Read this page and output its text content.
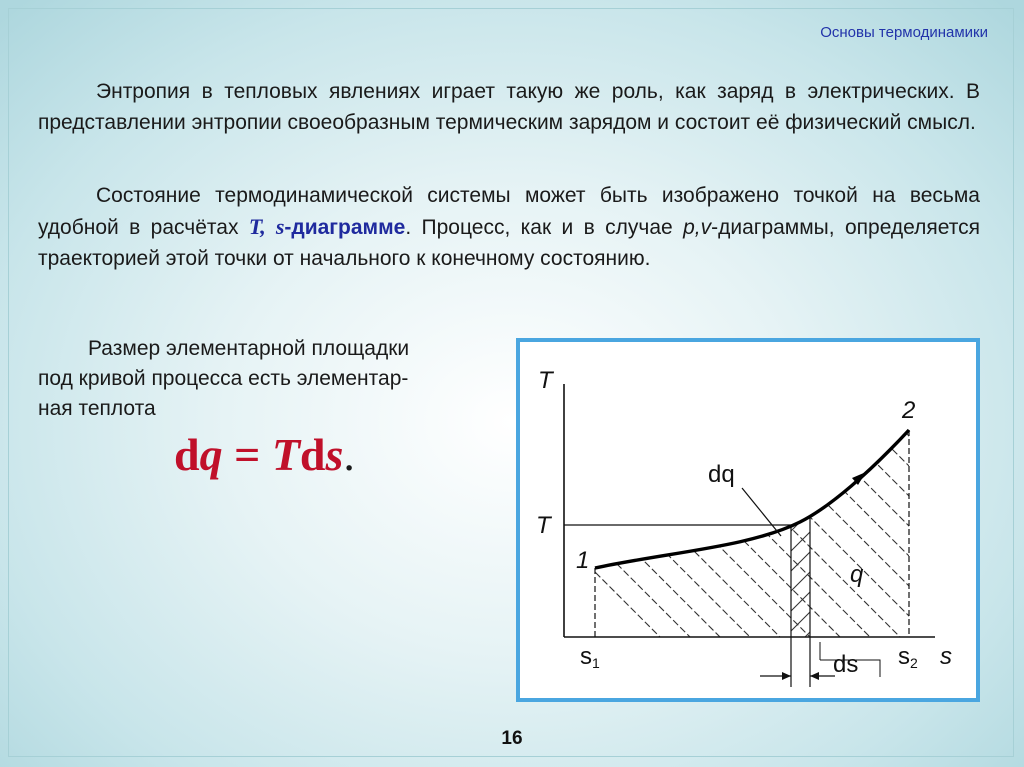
Основы термодинамики
Энтропия в тепловых явлениях играет такую же роль, как заряд в электрических. В представлении энтропии своеобразным термическим зарядом и состоит её физический смысл.
Состояние термодинамической системы может быть изображено точкой на весьма удобной в расчётах T, s-диаграмме. Процесс, как и в случае p,v-диаграммы, определяется траекторией этой точки от начального к конечному состоянию.
Размер элементарной площадки
под кривой процесса есть элементар-
ная теплота
dq = Tds.
T
s
T
1
2
dq
q
s1	s2
ds
16
